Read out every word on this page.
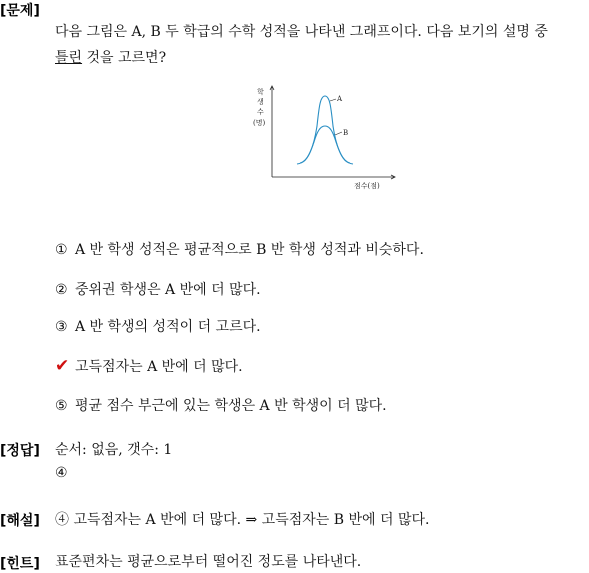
[문제]
다음 그림은 A, B 두 학급의 수학 성적을 나타낸 그래프이다. 다음 보기의 설명 중
틀린 것을 고르면?
학
생
수
(명)
점수(점)
A
B
① A 반 학생 성적은 평균적으로 B 반 학생 성적과 비슷하다.
② 중위권 학생은 A 반에 더 많다.
③ A 반 학생의 성적이 더 고르다.
✔ 고득점자는 A 반에 더 많다.
⑤ 평균 점수 부근에 있는 학생은 A 반 학생이 더 많다.
[정답] 순서: 없음, 갯수: 1
④
[해설] ④ 고득점자는 A 반에 더 많다. ⇒ 고득점자는 B 반에 더 많다.
[힌트] 표준편차는 평균으로부터 떨어진 정도를 나타낸다.
